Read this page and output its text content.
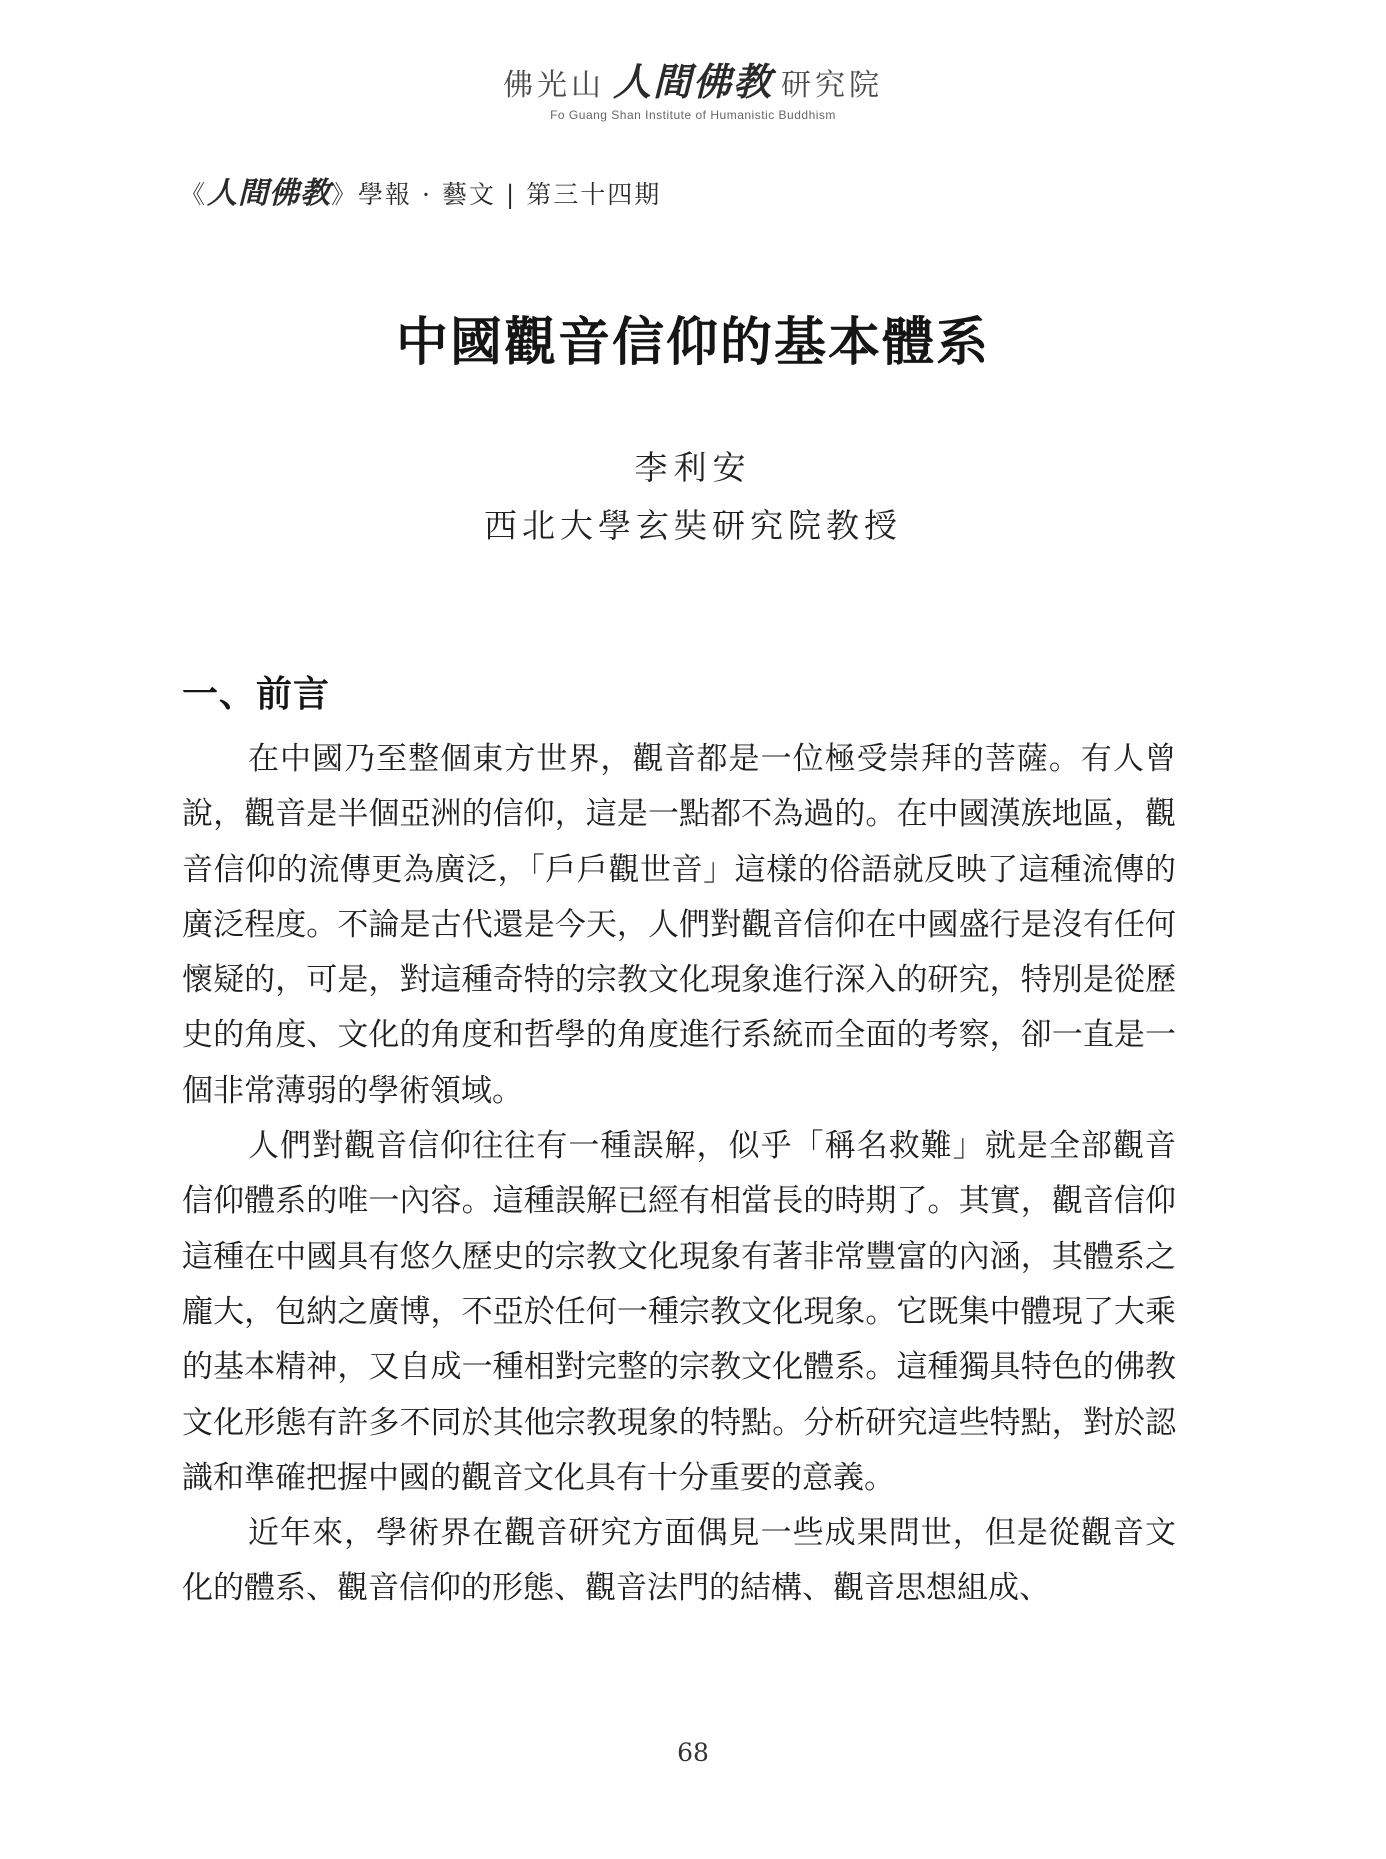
佛光山 人間佛教 研究院
Fo Guang Shan Institute of Humanistic Buddhism
《人間佛教》學報 · 藝文 | 第三十四期
中國觀音信仰的基本體系
李利安
西北大學玄奘研究院教授
一、前言

在中國乃至整個東方世界，觀音都是一位極受崇拜的菩薩。有人曾說，觀音是半個亞洲的信仰，這是一點都不為過的。在中國漢族地區，觀音信仰的流傳更為廣泛，「戶戶觀世音」這樣的俗語就反映了這種流傳的廣泛程度。不論是古代還是今天，人們對觀音信仰在中國盛行是沒有任何懷疑的，可是，對這種奇特的宗教文化現象進行深入的研究，特別是從歷史的角度、文化的角度和哲學的角度進行系統而全面的考察，卻一直是一個非常薄弱的學術領域。

人們對觀音信仰往往有一種誤解，似乎「稱名救難」就是全部觀音信仰體系的唯一內容。這種誤解已經有相當長的時期了。其實，觀音信仰這種在中國具有悠久歷史的宗教文化現象有著非常豐富的內涵，其體系之龐大，包納之廣博，不亞於任何一種宗教文化現象。它既集中體現了大乘的基本精神，又自成一種相對完整的宗教文化體系。這種獨具特色的佛教文化形態有許多不同於其他宗教現象的特點。分析研究這些特點，對於認識和準確把握中國的觀音文化具有十分重要的意義。

近年來，學術界在觀音研究方面偶見一些成果問世，但是從觀音文化的體系、觀音信仰的形態、觀音法門的結構、觀音思想組成、

68
